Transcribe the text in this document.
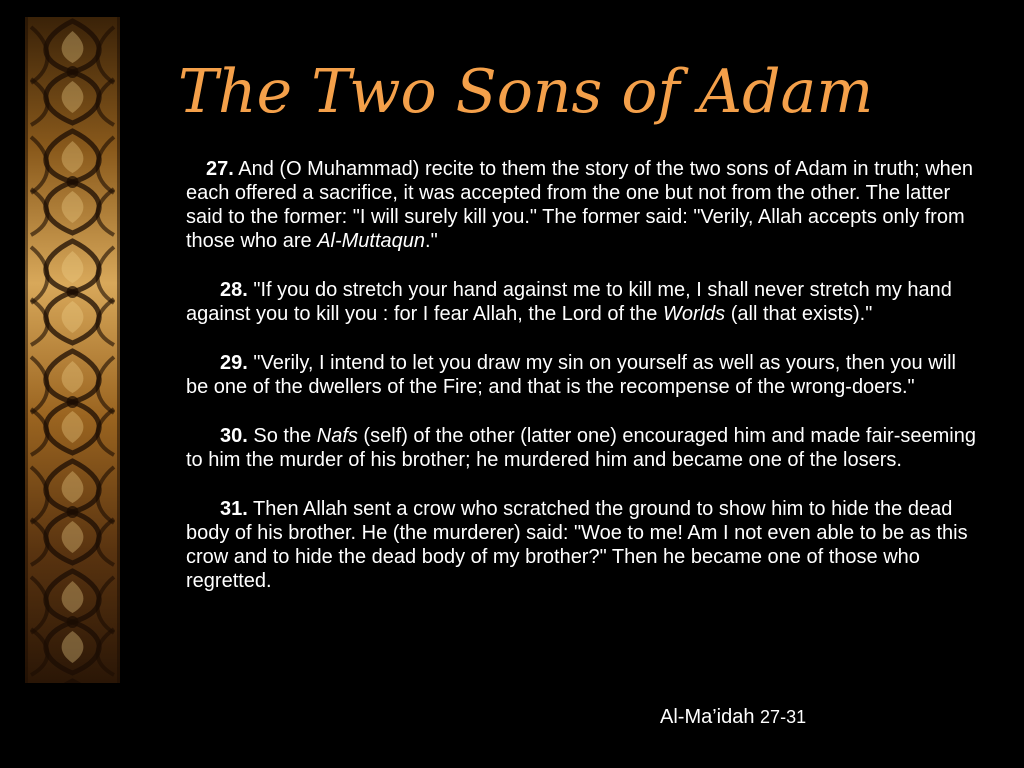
The Two Sons of Adam

27. And (O Muhammad) recite to them the story of the two sons of Adam in truth; when each offered a sacrifice, it was accepted from the one but not from the other. The latter said to the former: "I will surely kill you." The former said: "Verily, Allah accepts only from those who are Al-Muttaqun."

28. "If you do stretch your hand against me to kill me, I shall never stretch my hand against you to kill you : for I fear Allah, the Lord of the Worlds (all that exists)."

29. "Verily, I intend to let you draw my sin on yourself as well as yours, then you will be one of the dwellers of the Fire; and that is the recompense of the wrong-doers."

30. So the Nafs (self) of the other (latter one) encouraged him and made fair-seeming to him the murder of his brother; he murdered him and became one of the losers.

31. Then Allah sent a crow who scratched the ground to show him to hide the dead body of his brother. He (the murderer) said: "Woe to me! Am I not even able to be as this crow and to hide the dead body of my brother?" Then he became one of those who regretted.

Al-Ma’idah 27-31
